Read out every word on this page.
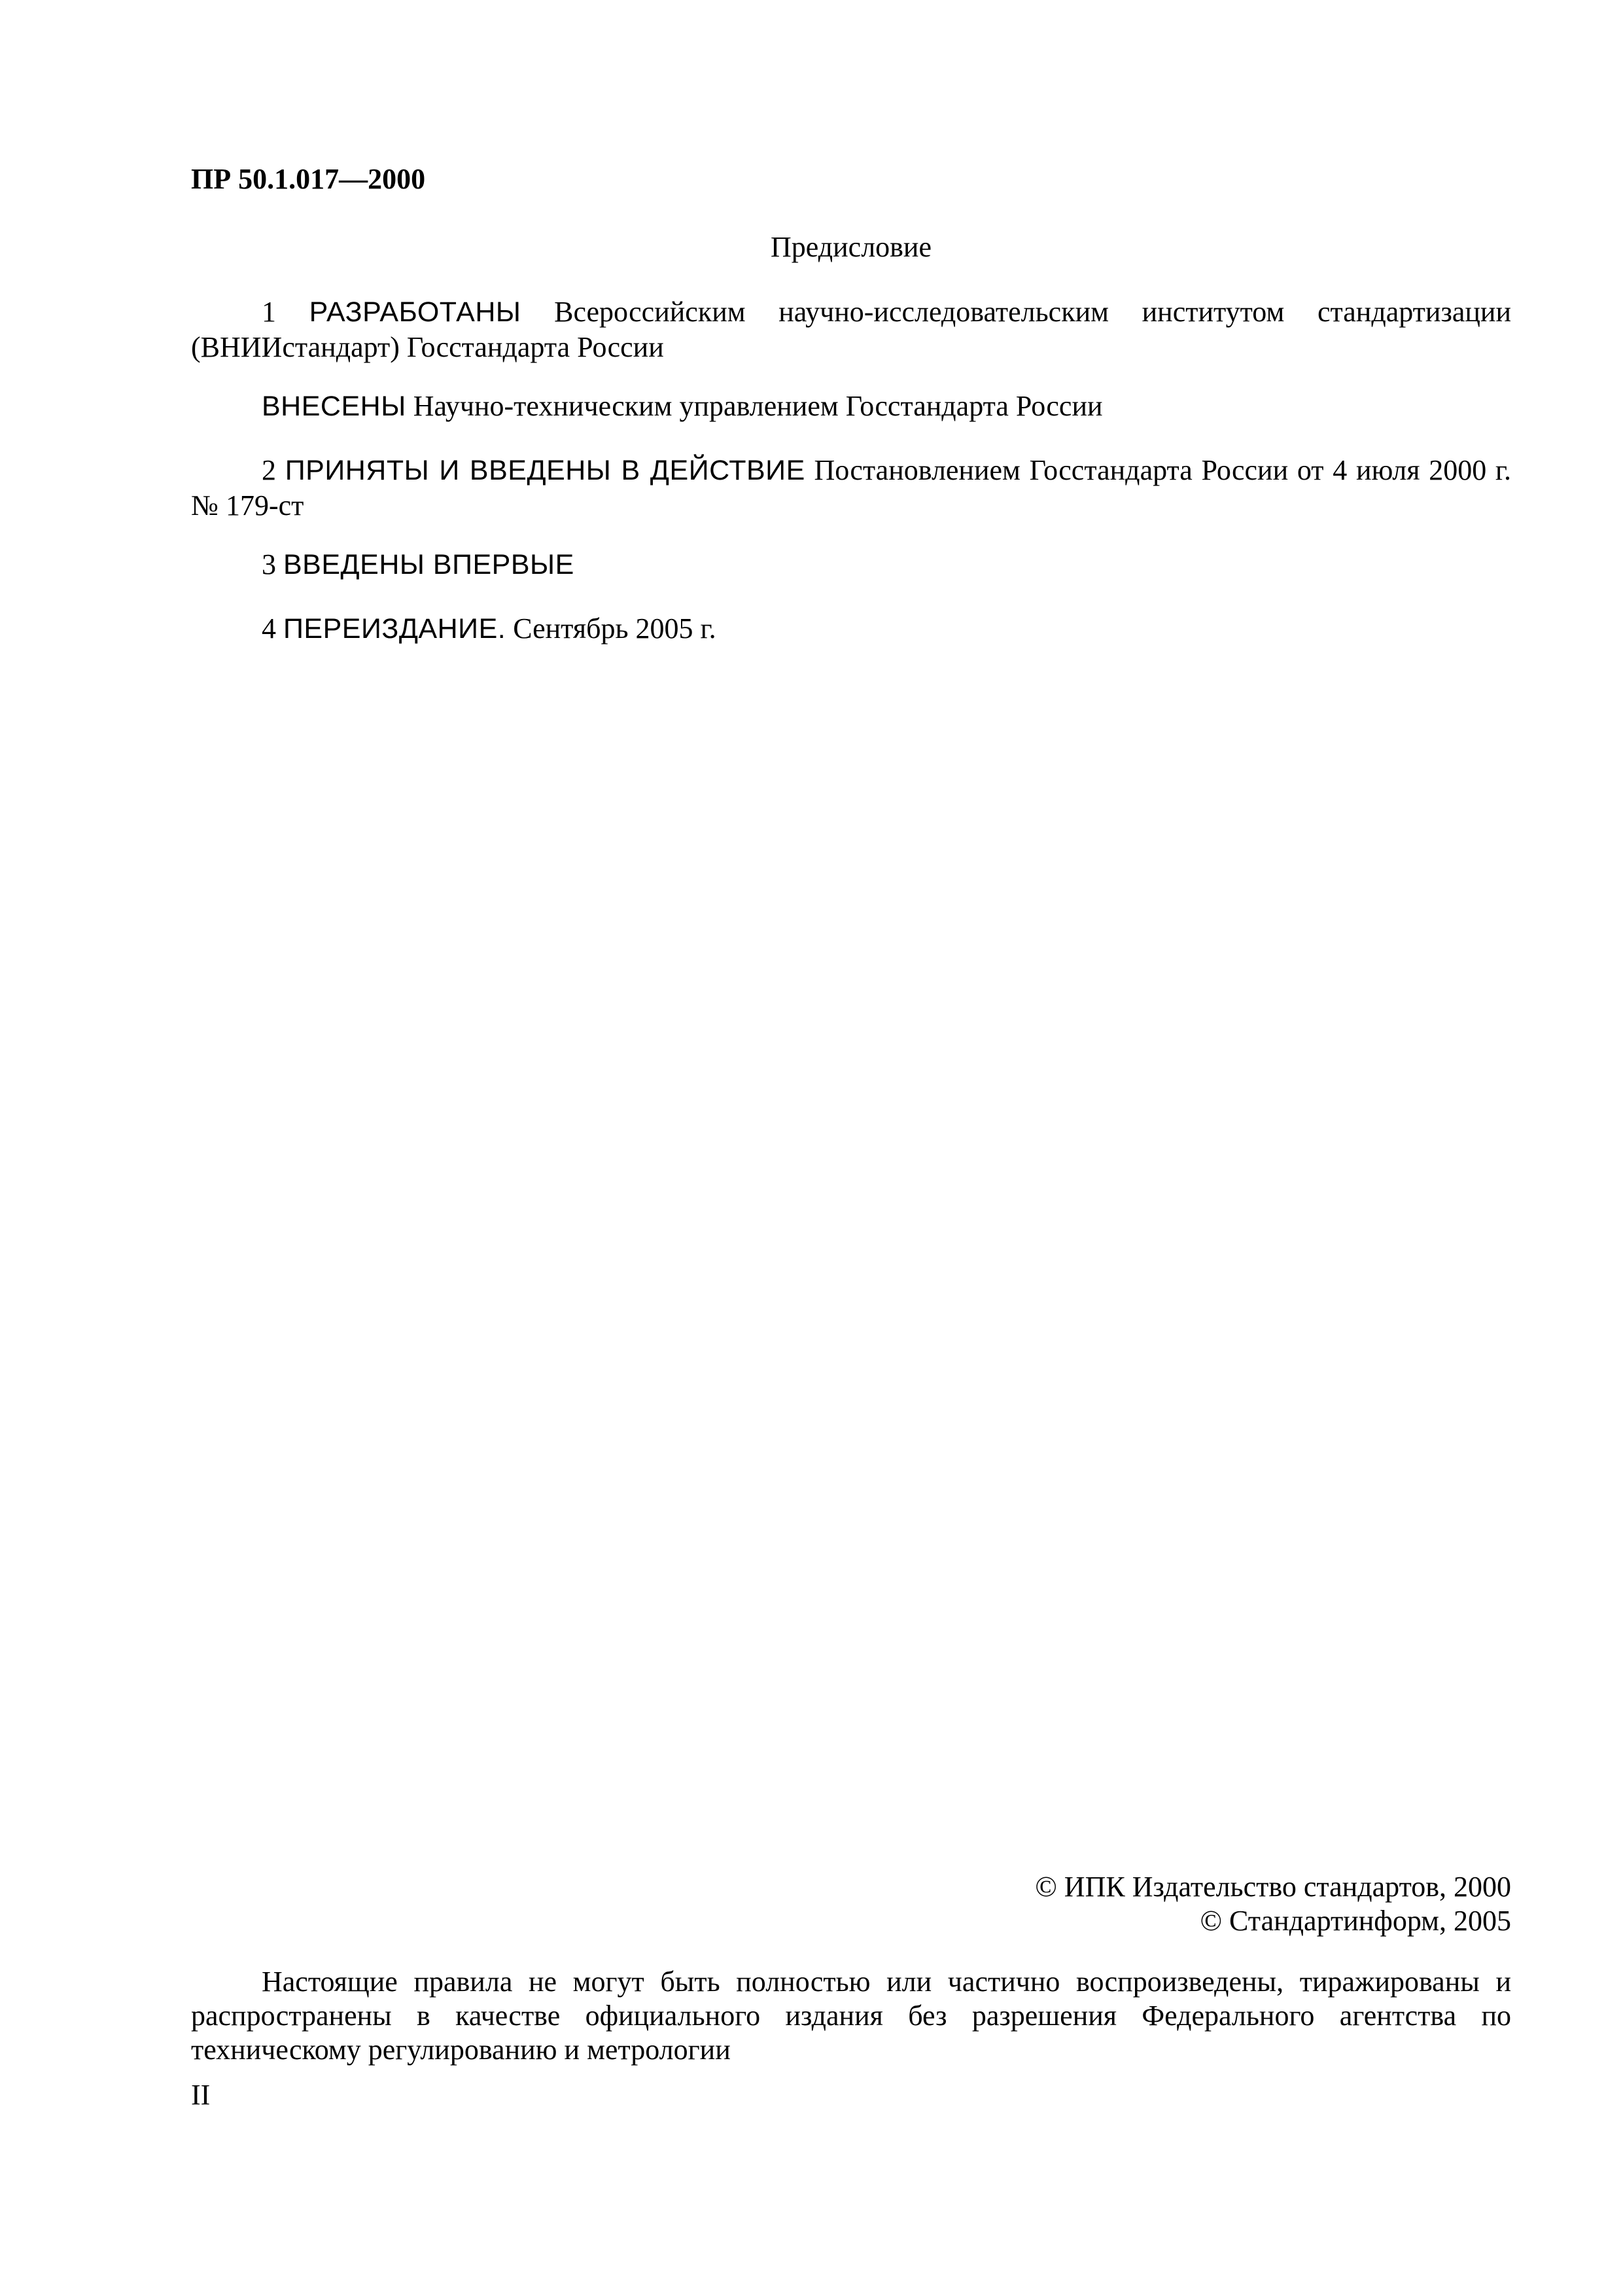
ПР 50.1.017—2000
Предисловие

1 РАЗРАБОТАНЫ Всероссийским научно-исследовательским институтом стандартизации (ВНИИстандарт) Госстандарта России

ВНЕСЕНЫ Научно-техническим управлением Госстандарта России

2 ПРИНЯТЫ И ВВЕДЕНЫ В ДЕЙСТВИЕ Постановлением Госстандарта России от 4 июля 2000 г. № 179-ст

3 ВВЕДЕНЫ ВПЕРВЫЕ

4 ПЕРЕИЗДАНИЕ. Сентябрь 2005 г.

© ИПК Издательство стандартов, 2000
© Стандартинформ, 2005

Настоящие правила не могут быть полностью или частично воспроизведены, тиражированы и распространены в качестве официального издания без разрешения Федерального агентства по техническому регулированию и метрологии

II
